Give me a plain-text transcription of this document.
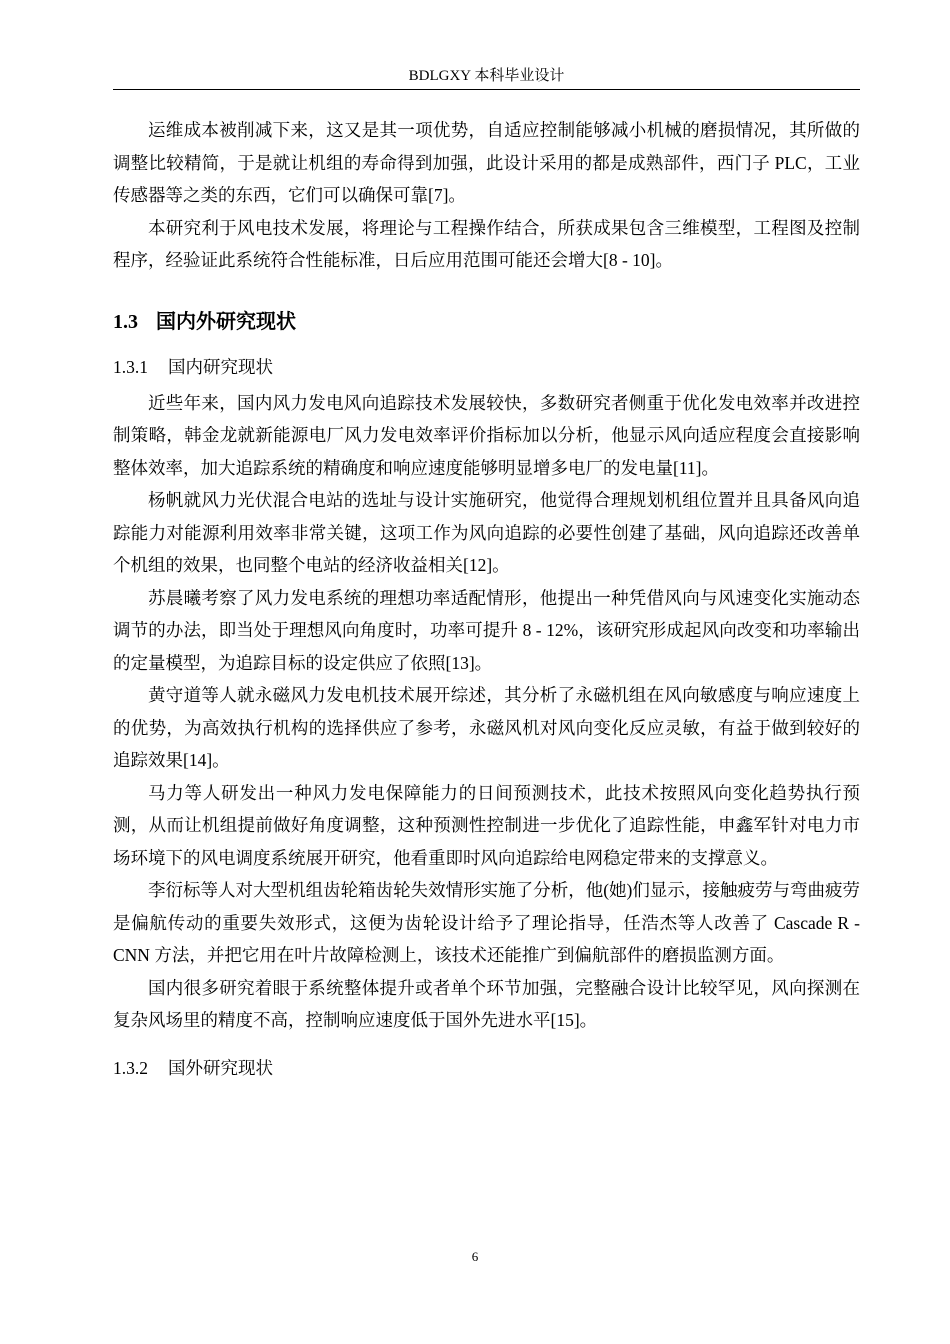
BDLGXY 本科毕业设计

运维成本被削减下来，这又是其一项优势，自适应控制能够减小机械的磨损情况，其所做的调整比较精简，于是就让机组的寿命得到加强，此设计采用的都是成熟部件，西门子 PLC，工业传感器等之类的东西，它们可以确保可靠[7]。

本研究利于风电技术发展，将理论与工程操作结合，所获成果包含三维模型，工程图及控制程序，经验证此系统符合性能标准，日后应用范围可能还会增大[8 - 10]。

1.3 国内外研究现状
1.3.1 国内研究现状

近些年来，国内风力发电风向追踪技术发展较快，多数研究者侧重于优化发电效率并改进控制策略，韩金龙就新能源电厂风力发电效率评价指标加以分析，他显示风向适应程度会直接影响整体效率，加大追踪系统的精确度和响应速度能够明显增多电厂的发电量[11]。

杨帆就风力光伏混合电站的选址与设计实施研究，他觉得合理规划机组位置并且具备风向追踪能力对能源利用效率非常关键，这项工作为风向追踪的必要性创建了基础，风向追踪还改善单个机组的效果，也同整个电站的经济收益相关[12]。

苏晨曦考察了风力发电系统的理想功率适配情形，他提出一种凭借风向与风速变化实施动态调节的办法，即当处于理想风向角度时，功率可提升 8 - 12%，该研究形成起风向改变和功率输出的定量模型，为追踪目标的设定供应了依照[13]。

黄守道等人就永磁风力发电机技术展开综述，其分析了永磁机组在风向敏感度与响应速度上的优势，为高效执行机构的选择供应了参考，永磁风机对风向变化反应灵敏，有益于做到较好的追踪效果[14]。

马力等人研发出一种风力发电保障能力的日间预测技术，此技术按照风向变化趋势执行预测，从而让机组提前做好角度调整，这种预测性控制进一步优化了追踪性能，申鑫军针对电力市场环境下的风电调度系统展开研究，他看重即时风向追踪给电网稳定带来的支撑意义。

李衍标等人对大型机组齿轮箱齿轮失效情形实施了分析，他(她)们显示，接触疲劳与弯曲疲劳是偏航传动的重要失效形式，这便为齿轮设计给予了理论指导，任浩杰等人改善了 Cascade R - CNN 方法，并把它用在叶片故障检测上，该技术还能推广到偏航部件的磨损监测方面。

国内很多研究着眼于系统整体提升或者单个环节加强，完整融合设计比较罕见，风向探测在复杂风场里的精度不高，控制响应速度低于国外先进水平[15]。

1.3.2 国外研究现状
6
